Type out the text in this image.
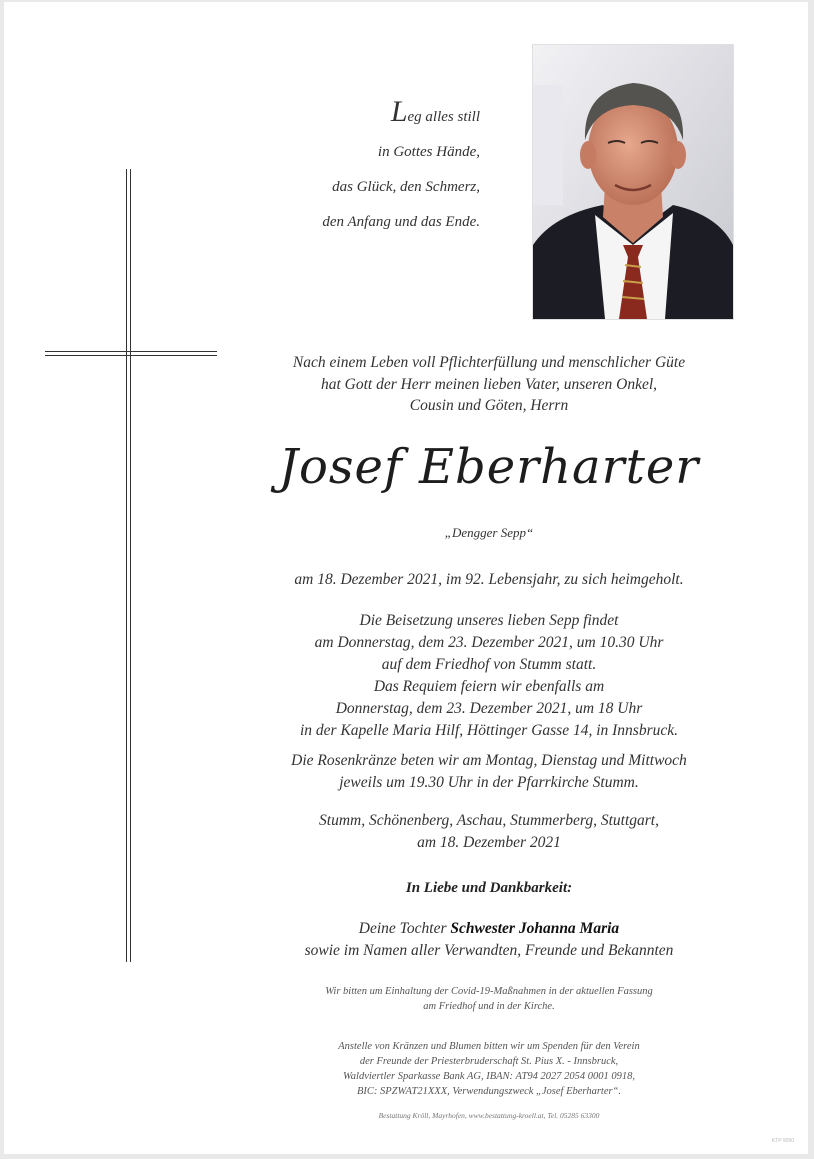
Leg alles still
in Gottes Hände,
das Glück, den Schmerz,
den Anfang und das Ende.
Nach einem Leben voll Pflichterfüllung und menschlicher Güte
hat Gott der Herr meinen lieben Vater, unseren Onkel,
Cousin und Göten, Herrn
Josef Eberharter
„Dengger Sepp“
am 18. Dezember 2021, im 92. Lebensjahr, zu sich heimgeholt.
Die Beisetzung unseres lieben Sepp findet
am Donnerstag, dem 23. Dezember 2021, um 10.30 Uhr
auf dem Friedhof von Stumm statt.
Das Requiem feiern wir ebenfalls am
Donnerstag, dem 23. Dezember 2021, um 18 Uhr
in der Kapelle Maria Hilf, Höttinger Gasse 14, in Innsbruck.
Die Rosenkränze beten wir am Montag, Dienstag und Mittwoch
jeweils um 19.30 Uhr in der Pfarrkirche Stumm.
Stumm, Schönenberg, Aschau, Stummerberg, Stuttgart,
am 18. Dezember 2021
In Liebe und Dankbarkeit:
Deine Tochter Schwester Johanna Maria
sowie im Namen aller Verwandten, Freunde und Bekannten
Wir bitten um Einhaltung der Covid-19-Maßnahmen in der aktuellen Fassung
am Friedhof und in der Kirche.
Anstelle von Kränzen und Blumen bitten wir um Spenden für den Verein
der Freunde der Priesterbruderschaft St. Pius X. - Innsbruck,
Waldviertler Sparkasse Bank AG, IBAN: AT94 2027 2054 0001 0918,
BIC: SPZWAT21XXX, Verwendungszweck „Josef Eberharter“.
Bestattung Kröll, Mayrhofen, www.bestattung-kroell.at, Tel. 05285 63300
KTP 9090
